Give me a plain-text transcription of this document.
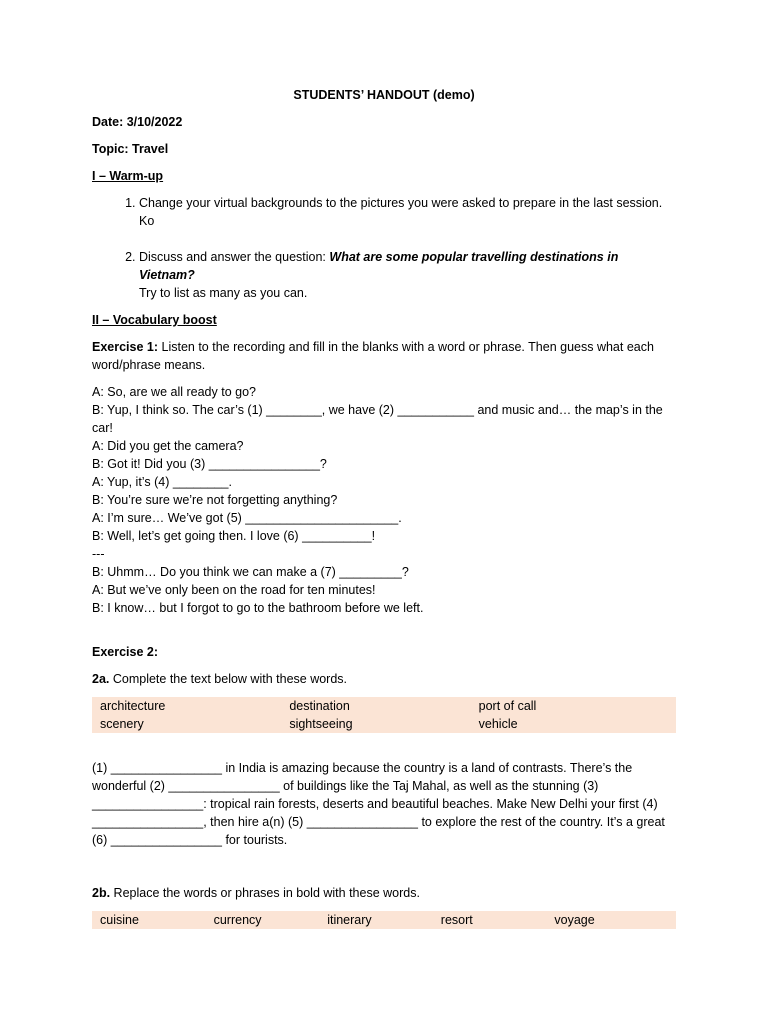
STUDENTS’ HANDOUT (demo)

Date: 3/10/2022

Topic: Travel

I – Warm-up

1. Change your virtual backgrounds to the pictures you were asked to prepare in the last session. Ko
2. Discuss and answer the question: What are some popular travelling destinations in Vietnam?
Try to list as many as you can.

II – Vocabulary boost

Exercise 1: Listen to the recording and fill in the blanks with a word or phrase. Then guess what each word/phrase means.

A: So, are we all ready to go?

B: Yup, I think so. The car’s (1) ________, we have (2) ___________ and music and… the map’s in the car!

A: Did you get the camera?

B: Got it! Did you (3) ________________?

A: Yup, it’s (4) ________.

B: You’re sure we’re not forgetting anything?

A: I’m sure… We’ve got (5) ______________________.

B: Well, let’s get going then. I love (6) __________!

---

B: Uhmm… Do you think we can make a (7) _________?

A: But we’ve only been on the road for ten minutes!

B: I know… but I forgot to go to the bathroom before we left.

Exercise 2:

2a. Complete the text below with these words.

architecture	destination	port of call
scenery	sightseeing	vehicle

(1) ________________ in India is amazing because the country is a land of contrasts. There’s the wonderful (2) ________________ of buildings like the Taj Mahal, as well as the stunning (3) ________________: tropical rain forests, deserts and beautiful beaches. Make New Delhi your first (4) ________________, then hire a(n) (5) ________________ to explore the rest of the country. It’s a great (6) ________________ for tourists.

2b. Replace the words or phrases in bold with these words.

cuisine	currency	itinerary	resort	voyage
